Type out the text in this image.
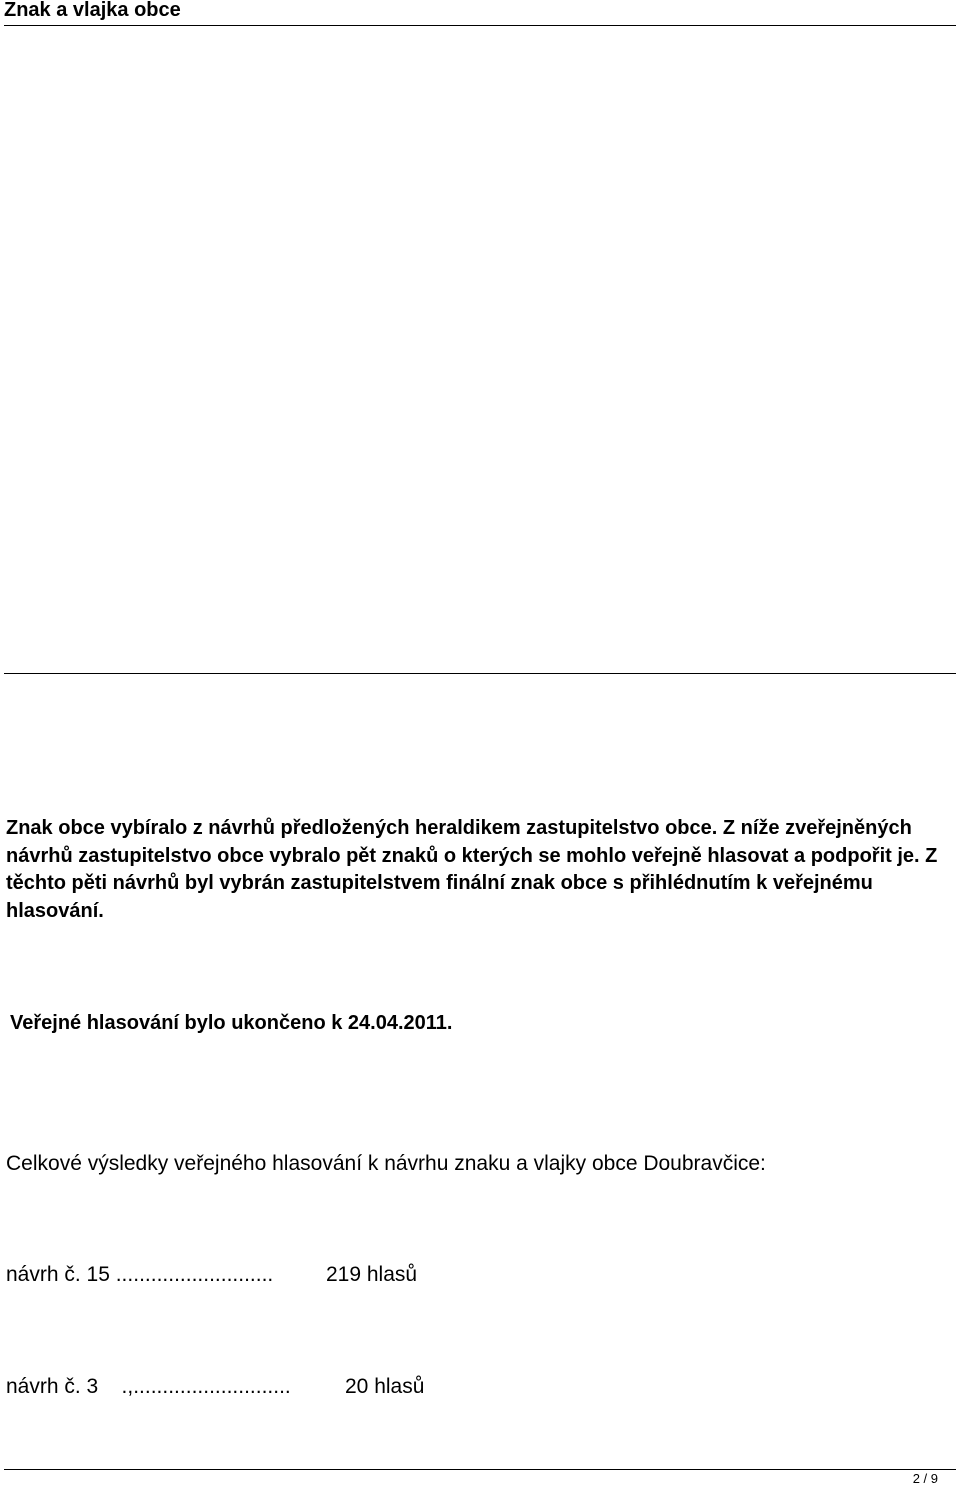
Znak a vlajka obce
Znak obce vybíralo z návrhů předložených heraldikem zastupitelstvo obce. Z níže zveřejněných návrhů zastupitelstvo obce vybralo pět znaků o kterých se mohlo veřejně hlasovat a podpořit je. Z těchto pěti návrhů byl vybrán zastupitelstvem finální znak obce s přihlédnutím k veřejnému hlasování.
Veřejné hlasování bylo ukončeno k 24.04.2011.
Celkové výsledky veřejného hlasování k návrhu znaku a vlajky obce Doubravčice:
návrh č. 15 ...........................	219 hlasů
návrh č. 3    .,...........................	20 hlasů
2 / 9
